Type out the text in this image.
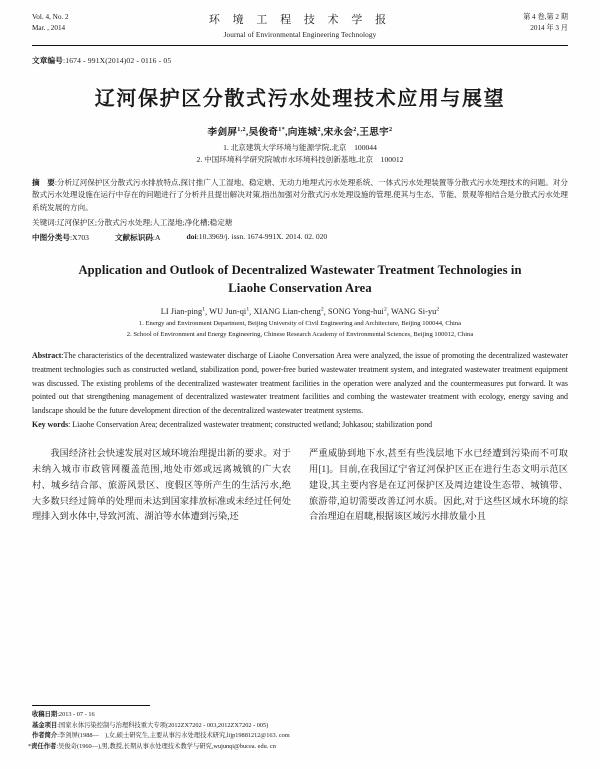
Vol. 4, No. 2
Mar. , 2014
环 境 工 程 技 术 学 报
Journal of Environmental Engineering Technology
第 4 卷,第 2 期
2014 年 3 月
文章编号:1674 - 991X(2014)02 - 0116 - 05
辽河保护区分散式污水处理技术应用与展望
李剑屏$^{1,2}$,吴俊奇$^{1*}$,向连城$^2$,宋永会$^2$,王思宇$^2$
1. 北京建筑大学环境与能源学院,北京　100044
2. 中国环境科学研究院城市水环境科技创新基地,北京　100012
摘　要:分析辽河保护区分散式污水排放特点,探讨推广人工湿地、稳定塘、无动力地埋式污水处理系统、一体式污水处理装置等分散式污水处理技术的问题。对分散式污水处理设施在运行中存在的问题进行了分析并且提出解决对策,指出加强对分散式污水处理设施的管理,使其与生态、节能、景观等相结合是分散式污水处理系统发展的方向。
关键词:辽河保护区;分散式污水处理;人工湿地;净化槽;稳定塘
中图分类号:X703	文献标识码:A	doi:10.3969/j. issn. 1674-991X. 2014. 02. 020
Application and Outlook of Decentralized Wastewater Treatment Technologies in Liaohe Conservation Area
LI Jian-ping$^1$, WU Jun-$qi^1$, XIANG Lian-cheng$^2$, SONG Yong-hui$^2$, WANG $Si-yu^2$
1. Energy and Environment Department, Beijing University of Civil Engineering and Architecture, Beijing 100044, China
2. School of Environment and Energy Engineering, Chinese Research Academy of Environmental Sciences, Beijing 100012, China
Abstract:The characteristics of the decentralized wastewater discharge of Liaohe Conversation Area were analyzed, the issue of promoting the decentralized wastewater treatment technologies such as constructed wetland, stabilization pond, power-free buried wastewater treatment system, and integrated wastewater treatment equipment was discussed. The existing problems of the decentralized wastewater treatment facilities in the operation were analyzed and the countermeasures put forward. It was pointed out that strengthening management of decentralized wastewater treatment facilities and combing the wastewater treatment with ecology, energy saving and landscape should be the future development direction of the decentralized wastewater treatment systems.
Key words: Liaohe Conservation Area; decentralized wastewater treatment; constructed wetland; Johkasou; stabilization pond

我国经济社会快速发展对区域环境治理提出新的要求。对于未纳入城市市政管网覆盖范围,地处市郊或远离城镇的广大农村、城乡结合部、旅游风景区、度假区等所产生的生活污水,绝大多数只经过简单的处理而未达到国家排放标准或未经过任何处理排入到水体中,导致河流、湖泊等水体遭到污染,还

严重威胁到地下水,甚至有些浅层地下水已经遭到污染而不可取用[1]。目前,在我国辽宁省辽河保护区正在进行生态文明示范区建设,其主要内容是在辽河保护区及周边建设生态带、城镇带、旅游带,迫切需要改善辽河水质。因此,对于这些区域水环境的综合治理迫在眉睫,根据该区域污水排放量小且

收稿日期:2013 - 07 - 16
基金项目:国家水体污染控制与治理科技重大专项(2012ZX7202 - 003,2012ZX7202 - 005)
作者简介:李剑屏(1988—　),女,硕士研究生,主要从事污水处理技术研究,lijp19881212@163. com
*责任作者:吴俊奇(1960—),男,教授,长期从事水处理技术教学与研究,wujunqi@bucea. edu. cn
